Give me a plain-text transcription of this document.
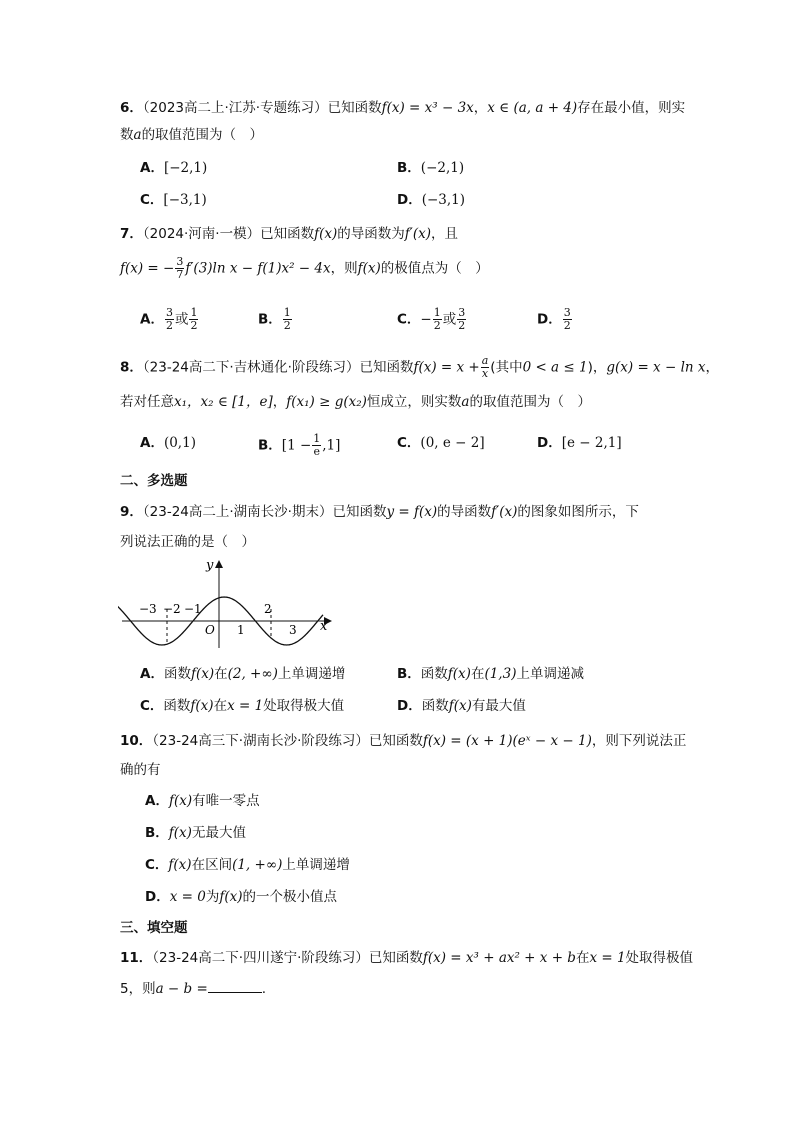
6．（2023高二上·江苏·专题练习）已知函数f(x) = x³ − 3x，x ∈ (a, a + 4)存在最小值，则实
数a的取值范围为（　）
A．[−2,1)	B．(−2,1)
C．[−3,1)	D．(−3,1)
7．（2024·河南·一模）已知函数f(x)的导函数为f′(x)，且
f(x) = − $\frac{3}{7} f'(3)\ln$ x − f(1)x² − 4x，则f(x)的极值点为（　）
A． $\frac{3}{2}$ 或 $\frac{1}{2}$	B． $\frac{1}{2}$	C．− $\frac{1}{2}$ 或 $\frac{3}{2}$	D． $\frac{3}{2}$
8．（23-24高二下·吉林通化·阶段练习）已知函数$f(x) = x + \frac{a}{x}$ (其中0 < a ≤ 1)，g(x) = x − ln x，
若对任意x₁，x₂ ∈ [1，e]，f(x₁) ≥ g(x₂)恒成立，则实数a的取值范围为（　）
A．(0,1)	B．$[1 - \frac{1}{e} ,1]$	C．(0, e − 2]	D．[e − 2,1]
二、多选题
9．（23-24高二上·湖南长沙·期末）已知函数y = f(x)的导函数f′(x)的图象如图所示，下
列说法正确的是（　）
y
x
O
−3 −2 −1	2
1	3
A．函数f(x)在(2, +∞)上单调递增	B．函数f(x)在(1,3)上单调递减
C．函数f(x)在x = 1处取得极大值	D．函数f(x)有最大值
10．（23-24高三下·湖南长沙·阶段练习）已知函数f(x) = (x + 1)(eˣ − x − 1)，则下列说法正
确的有
A．f(x)有唯一零点
B．f(x)无最大值
C．f(x)在区间(1, +∞)上单调递增
D．x = 0为f(x)的一个极小值点
三、填空题
11．（23-24高二下·四川遂宁·阶段练习）已知函数f(x) = x³ + ax² + x + b在x = 1处取得极值
5，则a − b =	.
